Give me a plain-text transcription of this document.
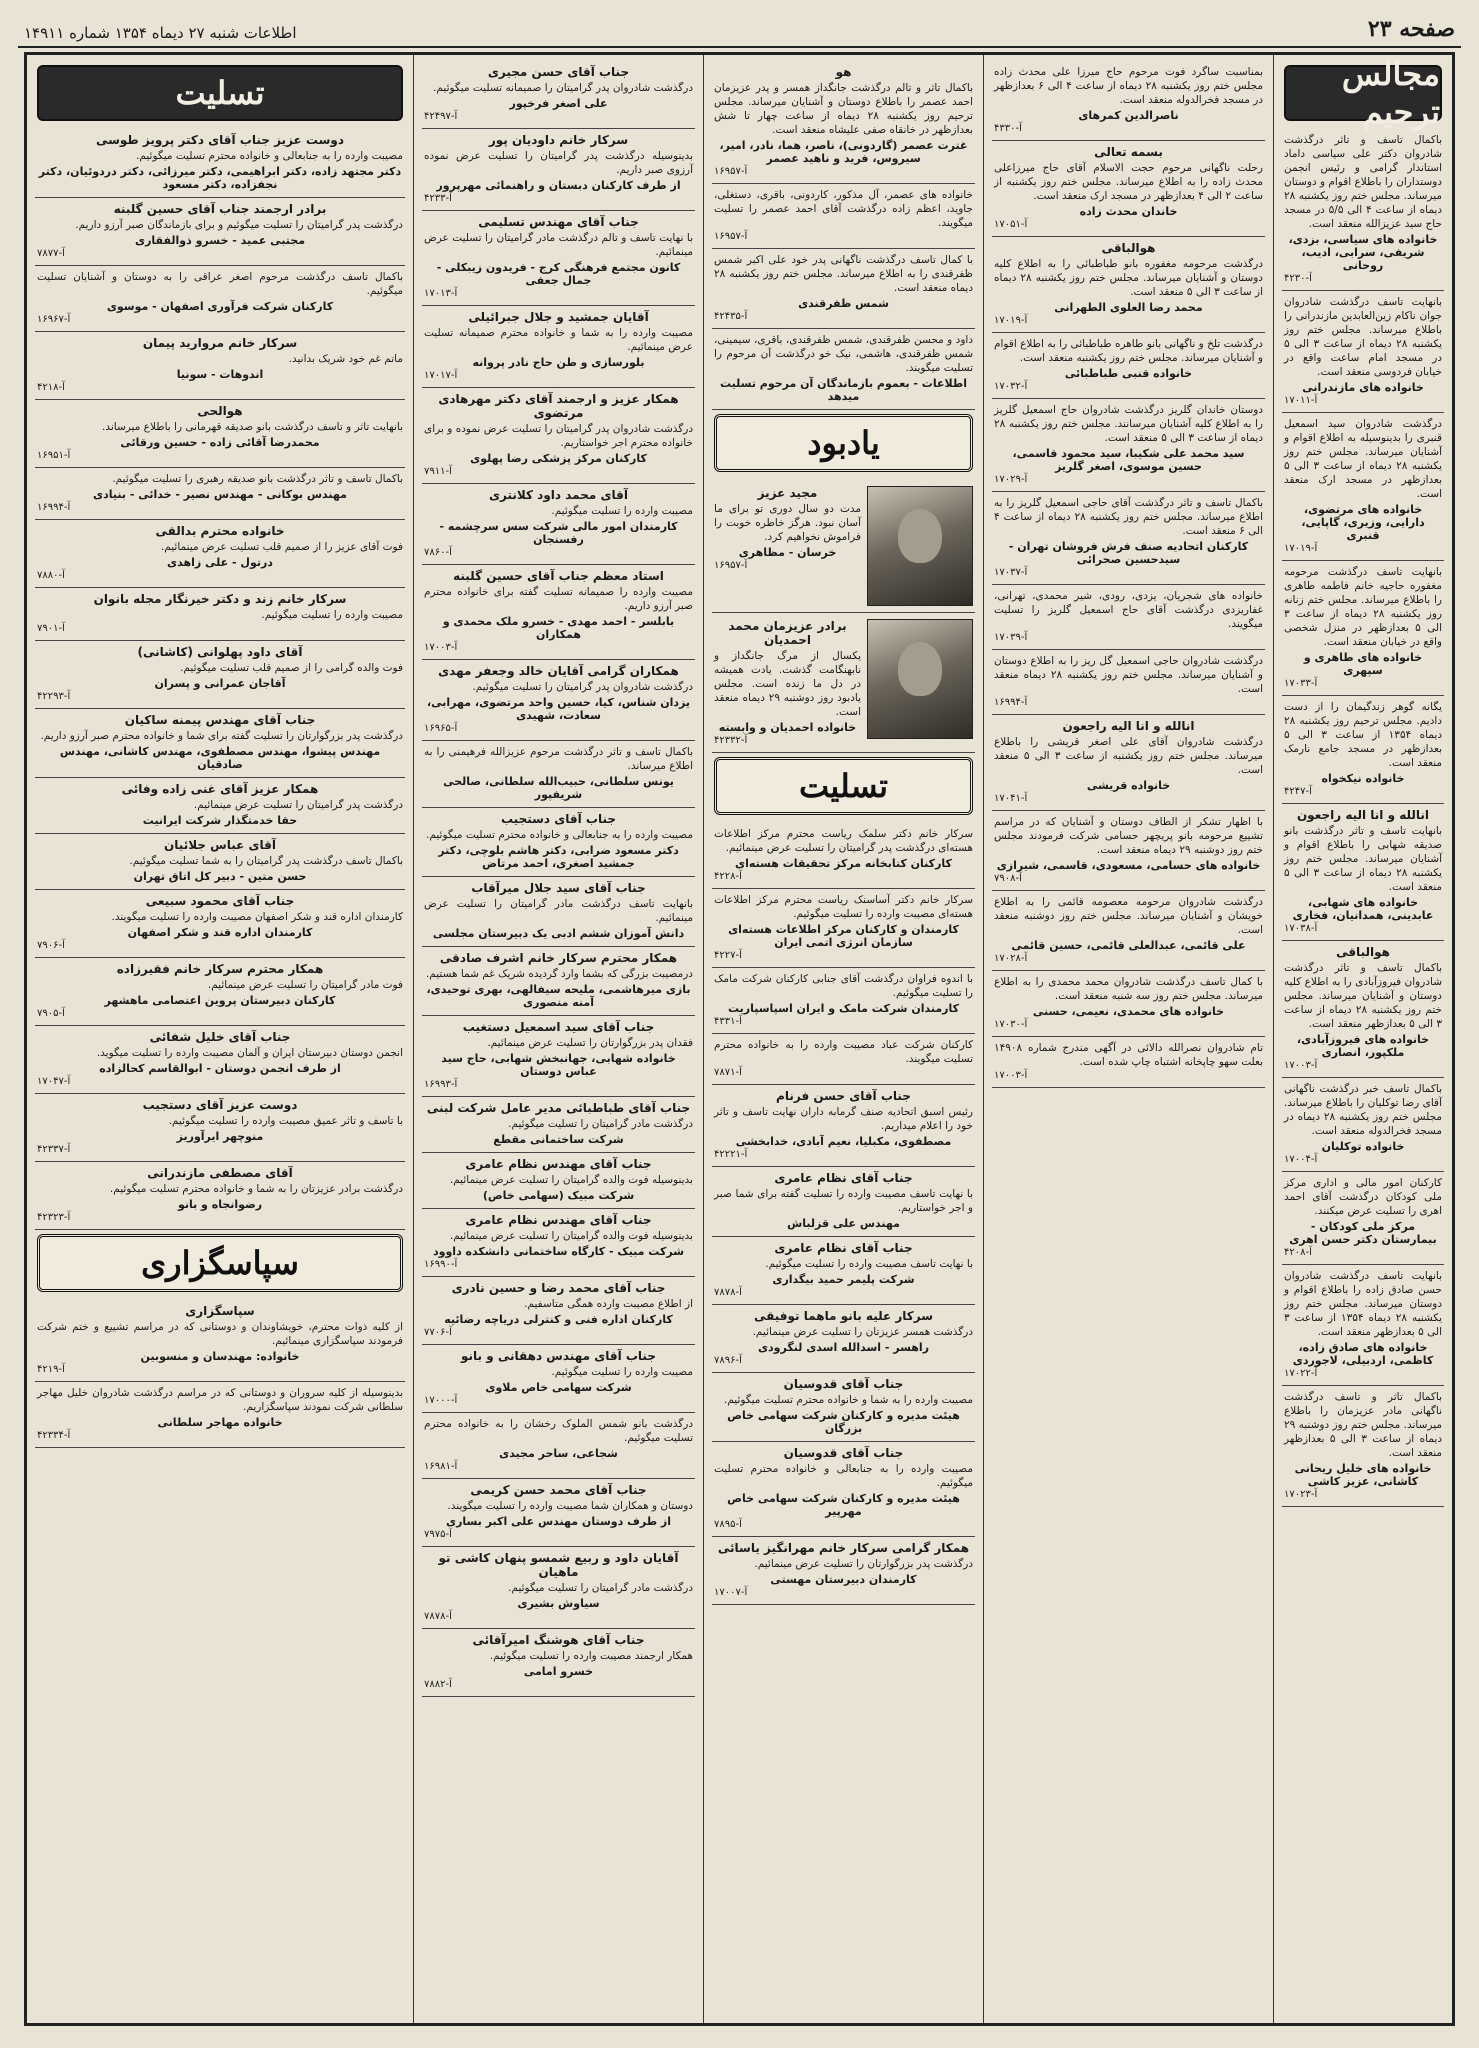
صفحه ۲۳
اطلاعات شنبه ۲۷ دیماه ۱۳۵۴ شماره ۱۴۹۱۱
مجالس ترحیم
باکمال تاسف و تاثر درگذشت شادروان دکتر علی سیاسی داماد استاندار گرامی و رئیس انجمن دوستداران را باطلاع اقوام و دوستان میرساند. مجلس ختم روز یکشنبه ۲۸ دیماه از ساعت ۴ الی ۵/۵ در مسجد حاج سید عزیزالله منعقد است.
خانواده های سیاسی، بزدی، شریفی، سرابی، ادیب، روحانی
آ-۴۲۳۰
بانهایت تاسف درگذشت شادروان جوان ناکام زین‌العابدین مازندرانی را باطلاع میرساند. مجلس ختم روز یکشنبه ۲۸ دیماه از ساعت ۳ الی ۵ در مسجد امام ساعت واقع در خیابان فردوسی منعقد است.
خانواده های مازندرانی
آ-۱۷۰۱۱
درگذشت شادروان سید اسمعیل قنبری را بدینوسیله به اطلاع اقوام و آشنایان میرساند. مجلس ختم روز یکشنبه ۲۸ دیماه از ساعت ۳ الی ۵ بعدازظهر در مسجد ارک منعقد است.
خانواده های مرتضوی، دارایی، وزیری، گاپایی، قنبری
آ-۱۷۰۱۹
بانهایت تاسف درگذشت مرحومه مغفوره حاجیه خانم فاطمه طاهری را باطلاع میرساند. مجلس ختم زنانه روز یکشنبه ۲۸ دیماه از ساعت ۳ الی ۵ بعدازظهر در منزل شخصی واقع در خیابان منعقد است.
خانواده های طاهری و سپهری
آ-۱۷۰۳۳
یگانه گوهر زندگیمان را از دست دادیم. مجلس ترحیم روز یکشنبه ۲۸ دیماه ۱۳۵۴ از ساعت ۳ الی ۵ بعدازظهر در مسجد جامع نارمک منعقد است.
خانواده نیکخواه
آ-۴۲۴۷
انالله و انا الیه راجعون
بانهایت تاسف و تاثر درگذشت بانو صدیقه شهابی را باطلاع اقوام و آشنایان میرساند. مجلس ختم روز یکشنبه ۲۸ دیماه از ساعت ۳ الی ۵ منعقد است.
خانواده های شهابی، عابدینی، همدانیان، فخاری
آ-۱۷۰۳۸
هوالباقی
باکمال تاسف و تاثر درگذشت شادروان فیروزآبادی را به اطلاع کلیه دوستان و آشنایان میرساند. مجلس ختم روز یکشنبه ۲۸ دیماه از ساعت ۳ الی ۵ بعدازظهر منعقد است.
خانواده های فیروزآبادی، ملکپور، انصاری
آ-۱۷۰۰۳
باکمال تاسف خبر درگذشت ناگهانی آقای رضا توکلیان را باطلاع میرساند. مجلس ختم روز یکشنبه ۲۸ دیماه در مسجد فخرالدوله منعقد است.
خانواده توکلیان
آ-۱۷۰۰۴
کارکنان امور مالی و اداری مرکز ملی کودکان درگذشت آقای احمد اهری را تسلیت عرض میکنند.
مرکز ملی کودکان - بیمارستان دکتر حسن اهری
آ-۴۲۰۸
بانهایت تاسف درگذشت شادروان حسن صادق زاده را باطلاع اقوام و دوستان میرساند. مجلس ختم روز یکشنبه ۲۸ دیماه ۱۳۵۴ از ساعت ۳ الی ۵ بعدازظهر منعقد است.
خانواده های صادق زاده، کاظمی، اردبیلی، لاجوردی
آ-۱۷۰۲۲
باکمال تاثر و تاسف درگذشت ناگهانی مادر عزیزمان را باطلاع میرساند. مجلس ختم روز دوشنبه ۲۹ دیماه از ساعت ۳ الی ۵ بعدازظهر منعقد است.
خانواده های خلیل ریحانی کاشانی، عزیز کاشی
آ-۱۷۰۲۳
بمناسبت ساگرد فوت مرحوم حاج میرزا علی محدث زاده مجلس ختم روز یکشنبه ۲۸ دیماه از ساعت ۴ الی ۶ بعدازظهر در مسجد فخرالدوله منعقد است.
ناصرالدین کمرهای
آ-۴۳۳۰
بسمه تعالی
رحلت ناگهانی مرحوم حجت الاسلام آقای حاج میرزاعلی محدث زاده را به اطلاع میرساند. مجلس ختم روز یکشنبه از ساعت ۲ الی ۴ بعدازظهر در مسجد ارک منعقد است.
خاندان محدث زاده
آ-۱۷۰۵۱
هوالباقی
درگذشت مرحومه مغفوره بانو طباطبائی را به اطلاع کلیه دوستان و آشنایان میرساند. مجلس ختم روز یکشنبه ۲۸ دیماه از ساعت ۳ الی ۵ منعقد است.
محمد رضا العلوی الطهرانی
آ-۱۷۰۱۹
درگذشت تلخ و ناگهانی بانو طاهره طباطبائی را به اطلاع اقوام و آشنایان میرساند. مجلس ختم روز یکشنبه منعقد است.
خانواده قنبی طباطبائی
آ-۱۷۰۳۲
دوستان خاندان گلریز درگذشت شادروان حاج اسمعیل گلریز را به اطلاع کلیه آشنایان میرسانند. مجلس ختم روز یکشنبه ۲۸ دیماه از ساعت ۳ الی ۵ منعقد است.
سید محمد علی شکیبا، سید محمود قاسمی، حسین موسوی، اصغر گلریز
آ-۱۷۰۲۹
باکمال تاسف و تاثر درگذشت آقای حاجی اسمعیل گلریز را به اطلاع میرساند. مجلس ختم روز یکشنبه ۲۸ دیماه از ساعت ۴ الی ۶ منعقد است.
کارکنان اتحادیه صنف فرش فروشان تهران - سیدحسین صحرائی
آ-۱۷۰۳۷
خانواده های شجریان، یزدی، رودی، شیر محمدی، تهرانی، غفاریزدی درگذشت آقای حاج اسمعیل گلریز را تسلیت میگویند.
آ-۱۷۰۳۹
درگذشت شادروان حاجی اسمعیل گل ریز را به اطلاع دوستان و آشنایان میرساند. مجلس ختم روز یکشنبه ۲۸ دیماه منعقد است.
آ-۱۶۹۹۴
انالله و انا الیه راجعون
درگذشت شادروان آقای علی اصغر قریشی را باطلاع میرساند. مجلس ختم روز یکشنبه از ساعت ۳ الی ۵ منعقد است.
خانواده قریشی
آ-۱۷۰۴۱
با اظهار تشکر از الطاف دوستان و آشنایان که در مراسم تشییع مرحومه بانو پریچهر حسامی شرکت فرمودند مجلس ختم روز دوشنبه ۲۹ دیماه منعقد است.
خانواده های حسامی، مسعودی، قاسمی، شیرازی
آ-۷۹۰۸
درگذشت شادروان مرحومه معصومه قائمی را به اطلاع خویشان و آشنایان میرساند. مجلس ختم روز دوشنبه منعقد است.
علی قائمی، عبدالعلی قائمی، حسین قائمی
آ-۱۷۰۲۸
با کمال تاسف درگذشت شادروان محمد محمدی را به اطلاع میرساند. مجلس ختم روز سه شنبه منعقد است.
خانواده های محمدی، نعیمی، حسنی
آ-۱۷۰۳۰
تام شادروان نصرالله دالائی در آگهی مندرج شماره ۱۴۹۰۸ بعلت سهو چاپخانه اشتباه چاپ شده است.
آ-۱۷۰۰۳
هو
باکمال تاثر و تالم درگذشت جانگداز همسر و پدر عزیزمان احمد عصمر را باطلاع دوستان و آشنایان میرساند. مجلس ترحیم روز یکشنبه ۲۸ دیماه از ساعت چهار تا شش بعدازظهر در خانقاه صفی علیشاه منعقد است.
غترت عصمر (گاردونی)، ناصر، هما، نادر، امیر، سیروس، فرید و ناهید عصمر
آ-۱۶۹۵۷
خانواده های عصمر، آل مذکور، کاردونی، باقری، دستغلی، جاوید، اعظم زاده درگذشت آقای احمد عصمر را تسلیت میگویند.
آ-۱۶۹۵۷
با کمال تاسف درگذشت ناگهانی پدر خود علی اکبر شمس ظفرقندی را به اطلاع میرساند. مجلس ختم روز یکشنبه ۲۸ دیماه منعقد است.
شمس ظفرقندی
آ-۴۲۴۳۵
داود و محسن ظفرقندی، شمس ظفرقندی، باقری، سیمینی، شمس ظفرقندی، هاشمی، نیک خو درگذشت آن مرحوم را تسلیت میگویند.
اطلاعات - بعموم بازماندگان آن مرحوم تسلیت میدهد
یادبود
مجید عزیز
مدت دو سال دوری تو برای ما آسان نبود. هرگز خاطره خوبت را فراموش نخواهیم کرد.
خرسان - مظاهری
آ-۱۶۹۵۷
برادر عزیزمان محمد احمدیان
یکسال از مرگ جانگداز و نابهنگامت گذشت. یادت همیشه در دل ما زنده است. مجلس یادبود روز دوشنبه ۲۹ دیماه منعقد است.
خانواده احمدیان و وابسته
آ-۴۲۳۳۲
تسلیت
سرکار خانم دکتر سلمک ریاست محترم مرکز اطلاعات هسته‌ای درگذشت پدر گرامیتان را تسلیت عرض مینمائیم.
کارکنان کتابخانه مرکز تحقیقات هسته‌ای
آ-۴۲۲۸
سرکار خانم دکتر آساسنک ریاست محترم مرکز اطلاعات هسته‌ای مصیبت وارده را تسلیت میگوئیم.
کارمندان و کارکنان مرکز اطلاعات هسته‌ای سازمان انرژی اتمی ایران
آ-۴۲۲۷
با اندوه فراوان درگذشت آقای جنابی کارکنان شرکت مامک را تسلیت میگوئیم.
کارمندان شرکت مامک و ایران اسپاسپاریت
آ-۴۳۳۱
کارکنان شرکت عباد مصیبت وارده را به خانواده محترم تسلیت میگویند.
آ-۷۸۷۱
جناب آقای حسن فرنام
رئیس اسبق اتحادیه صنف گرمابه داران نهایت تاسف و تاثر خود را اعلام میداریم.
مصطفوی، مکبلیا، نعیم آبادی، خدابخشی
آ-۴۲۲۲۱
جناب آقای نظام عامری
با نهایت تاسف مصیبت وارده را تسلیت گفته برای شما صبر و اجر خواستاریم.
مهندس علی قزلباش
جناب آقای نظام عامری
با نهایت تاسف مصیبت وارده را تسلیت میگوئیم.
شرکت پلیمر حمید بیگداری
آ-۷۸۷۸
سرکار علیه بانو ماهما توفیقی
درگذشت همسر عزیزتان را تسلیت عرض مینمائیم.
راهسر - اسدالله اسدی لنگرودی
آ-۷۸۹۶
جناب آقای قدوسیان
مصیبت وارده را به شما و خانواده محترم تسلیت میگوئیم.
هیئت مدیره و کارکنان شرکت سهامی خاص بزرگان
جناب آقای قدوسیان
مصیبت وارده را به جنابعالی و خانواده محترم تسلیت میگوئیم.
هیئت مدیره و کارکنان شرکت سهامی خاص مهرپیر
آ-۷۸۹۵
همکار گرامی سرکار خانم مهرانگیز یاسائی
درگذشت پدر بزرگوارتان را تسلیت عرض مینمائیم.
کارمندان دبیرستان مهستی
آ-۱۷۰۰۷
جناب آقای حسن مجیری
درگذشت شادروان پدر گرامیتان را صمیمانه تسلیت میگوئیم.
علی اصغر فرخپور
آ-۴۲۴۹۷
سرکار خانم داودیان پور
بدینوسیله درگذشت پدر گرامیتان را تسلیت عرض نموده آرزوی صبر داریم.
از طرف کارکنان دبستان و راهنمائی مهرپرور
آ-۴۲۳۳
جناب آقای مهندس تسلیمی
با نهایت تاسف و تالم درگذشت مادر گرامیتان را تسلیت عرض مینمائیم.
کانون مجتمع فرهنگی کرج - فریدون زیبکلی - جمال جعفی
آ-۱۷۰۱۳
آقایان جمشید و جلال جبرائیلی
مصیبت وارده را به شما و خانواده محترم صمیمانه تسلیت عرض مینمائیم.
بلورسازی و طن حاج نادر پروانه
آ-۱۷۰۱۷
همکار عزیز و ارجمند آقای دکتر مهرهادی مرتضوی
درگذشت شادروان پدر گرامیتان را تسلیت عرض نموده و برای خانواده محترم اجر خواستاریم.
کارکنان مرکز پزشکی رضا پهلوی
آ-۷۹۱۱
آقای محمد داود کلانتری
مصیبت وارده را تسلیت میگوئیم.
کارمندان امور مالی شرکت سس سرچشمه - رفسنجان
آ-۷۸۶۰
استاد معظم جناب آقای حسین گلبنه
مصیبت وارده را صمیمانه تسلیت گفته برای خانواده محترم صبر آرزو داریم.
بابلسر - احمد مهدی - خسرو ملک محمدی و همکاران
آ-۱۷۰۰۳
همکاران گرامی آقایان خالد وجعفر مهدی
درگذشت شادروان پدر گرامیتان را تسلیت میگوئیم.
یزدان شناس، کیا، حسین واحد مرتضوی، مهرابی، سعادت، شهیدی
آ-۱۶۹۶۵
باکمال تاسف و تاثر درگذشت مرحوم عزیزالله فرهیمنی را به اطلاع میرساند.
یونس سلطانی، حبیب‌الله سلطانی، صالحی شریفپور
جناب آقای دستجیب
مصیبت وارده را به جنابعالی و خانواده محترم تسلیت میگوئیم.
دکتر مسعود ضرابی، دکتر هاشم بلوچی، دکتر جمشید اصغری، احمد مرتاض
جناب آقای سید جلال میرآقاب
بانهایت تاسف درگذشت مادر گرامیتان را تسلیت عرض مینمائیم.
دانش آموزان ششم ادبی یک دبیرستان مجلسی
همکار محترم سرکار خانم اشرف صادقی
درمصیبت بزرگی که بشما وارد گردیده شریک غم شما هستیم.
بازی میرهاشمی، ملیحه سیفالهی، بهری توحیدی، آمنه منصوری
جناب آقای سید اسمعیل دستغیب
فقدان پدر بزرگوارتان را تسلیت عرض مینمائیم.
خانواده شهابی، جهانبخش شهابی، حاج سید عباس دوستان
آ-۱۶۹۹۳
جناب آقای طباطبائی مدیر عامل شرکت لبنی
درگذشت مادر گرامیتان را تسلیت میگوئیم.
شرکت ساختمانی مقطع
جناب آقای مهندس نظام عامری
بدینوسیله فوت والده گرامیتان را تسلیت عرض مینمائیم.
شرکت مبیک (سهامی خاص)
جناب آقای مهندس نظام عامری
بدینوسیله فوت والده گرامیتان را تسلیت عرض مینمائیم.
شرکت مبیک - کارگاه ساختمانی دانشکده داوود
آ-۱۶۹۹۰
جناب آقای محمد رضا و حسین نادری
از اطلاع مصیبت وارده همگی متاسفیم.
کارکنان اداره فنی و کنترلی دریاچه رضائیه
آ-۷۷۰۶
جناب آقای مهندس دهقانی و بانو
مصیبت وارده را تسلیت میگوئیم.
شرکت سهامی خاص ملاوی
آ-۱۷۰۰۰
درگذشت بانو شمس الملوک رخشان را به خانواده محترم تسلیت میگوئیم.
شجاعی، ساحر مجیدی
آ-۱۶۹۸۱
جناب آقای محمد حسن کریمی
دوستان و همکاران شما مصیبت وارده را تسلیت میگویند.
از طرف دوستان مهندس علی اکبر بساری
آ-۷۹۷۵
آقایان داود و ربیع شمسو پنهان کاشی تو ماهیان
درگذشت مادر گرامیتان را تسلیت میگوئیم.
سیاوش بشیری
آ-۷۸۷۸
جناب آقای هوشنگ امیرآقائی
همکار ارجمند مصیبت وارده را تسلیت میگوئیم.
خسرو امامی
آ-۷۸۸۲
تسلیت
دوست عزیز جناب آقای دکتر پرویز طوسی
مصیبت وارده را به جنابعالی و خانواده محترم تسلیت میگوئیم.
دکتر مجتهد زاده، دکتر ابراهیمی، دکتر میرزائی، دکتر دردوئیان، دکتر نجفزاده، دکتر مسعود
برادر ارجمند جناب آقای حسین گلبنه
درگذشت پدر گرامیتان را تسلیت میگوئیم و برای بازماندگان صبر آرزو داریم.
مجتبی عمید - خسرو ذوالفقاری
آ-۷۸۷۷
باکمال تاسف درگذشت مرحوم اصغر عراقی را به دوستان و آشنایان تسلیت میگوئیم.
کارکنان شرکت فرآوری اصفهان - موسوی
آ-۱۶۹۶۷
سرکار خانم مروارید پیمان
ماتم غم خود شریک بدانید.
اندوهات - سونیا
آ-۴۲۱۸
هوالحی
بانهایت تاثر و تاسف درگذشت بانو صدیقه قهرمانی را باطلاع میرساند.
محمدرضا آقائی زاده - حسین ورقائی
آ-۱۶۹۵۱
باکمال تاسف و تاثر درگذشت بانو صدیقه رهبری را تسلیت میگوئیم.
مهندس بوکانی - مهندس نصیر - خدائی - بنیادی
آ-۱۶۹۹۴
خانواده محترم بدالقی
فوت آقای عزیز را از صمیم قلب تسلیت عرض مینمائیم.
درتول - علی زاهدی
آ-۷۸۸۰
سرکار خانم زند و دکتر خیرنگار مجله بانوان
مصیبت وارده را تسلیت میگوئیم.
آ-۷۹۰۱
آقای داود پهلوانی (کاشانی)
فوت والده گرامی را از صمیم قلب تسلیت میگوئیم.
آقاجان عمرانی و پسران
آ-۴۲۲۹۳
جناب آقای مهندس پیمنه ساکیان
درگذشت پدر بزرگوارتان را تسلیت گفته برای شما و خانواده محترم صبر آرزو داریم.
مهندس پیشوا، مهندس مصطفوی، مهندس کاشانی، مهندس صادقیان
همکار عزیز آقای غنی زاده وفائی
درگذشت پدر گرامیتان را تسلیت عرض مینمائیم.
حقا خدمتگذار شرکت ایرانیت
آقای عباس جلائیان
باکمال تاسف درگذشت پدر گرامیتان را به شما تسلیت میگوئیم.
حسن متین - دبیر کل اتاق تهران
جناب آقای محمود سبیعی
کارمندان اداره قند و شکر اصفهان مصیبت وارده را تسلیت میگویند.
کارمندان اداره قند و شکر اصفهان
آ-۷۹۰۶
همکار محترم سرکار خانم فقیرزاده
فوت مادر گرامیتان را تسلیت عرض مینمائیم.
کارکنان دبیرستان پروین اعتصامی ماهشهر
آ-۷۹۰۵
جناب آقای خلیل شفائی
انجمن دوستان دبیرستان ایران و آلمان مصیبت وارده را تسلیت میگوید.
از طرف انجمن دوستان - ابوالقاسم کحالزاده
آ-۱۷۰۴۷
دوست عزیز آقای دستجیب
با تاسف و تاثر عمیق مصیبت وارده را تسلیت میگوئیم.
منوچهر ایرآوریز
آ-۴۲۳۳۷
آقای مصطفی مازندرانی
درگذشت برادر عزیزتان را به شما و خانواده محترم تسلیت میگوئیم.
رضوانجاه و بانو
آ-۴۲۳۲۳
سپاسگزاری
سپاسگزاری
از کلیه ذوات محترم، خویشاوندان و دوستانی که در مراسم تشییع و ختم شرکت فرمودند سپاسگزاری مینمائیم.
خانواده: مهندسان و منسوبین
آ-۴۲۱۹
بدینوسیله از کلیه سروران و دوستانی که در مراسم درگذشت شادروان خلیل مهاجر سلطانی شرکت نمودند سپاسگزاریم.
خانواده مهاجر سلطانی
آ-۴۲۳۳۴
